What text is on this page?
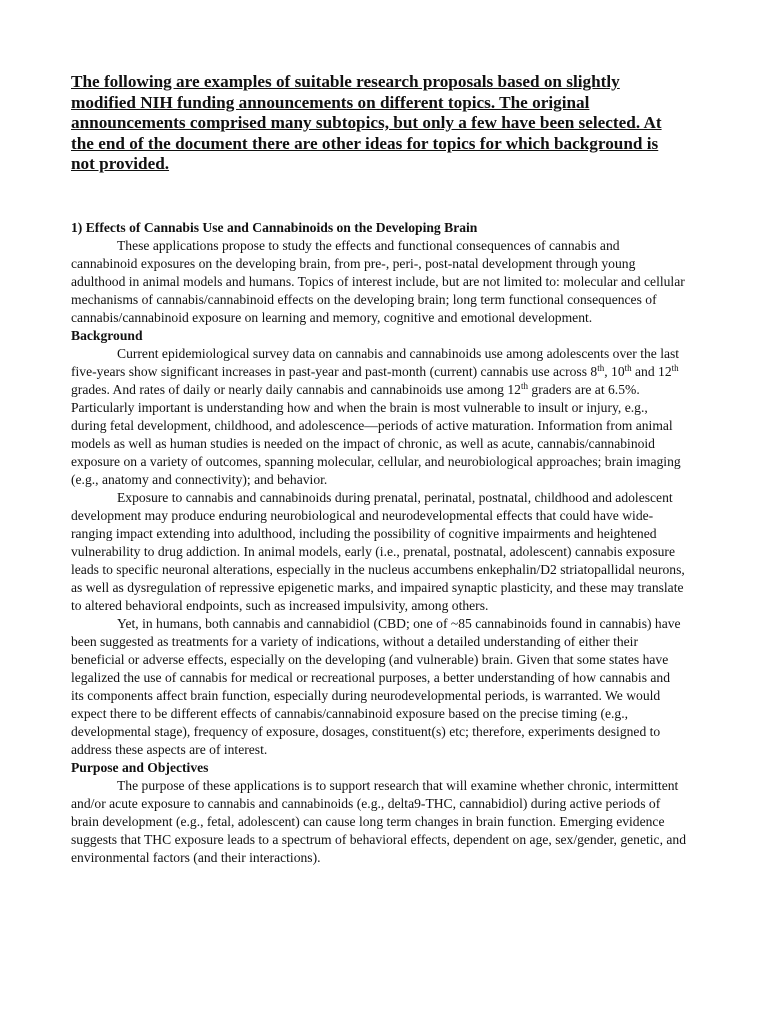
The following are examples of suitable research proposals based on slightly modified NIH funding announcements on different topics. The original announcements comprised many subtopics, but only a few have been selected. At the end of the document there are other ideas for topics for which background is not provided.

1) Effects of Cannabis Use and Cannabinoids on the Developing Brain

These applications propose to study the effects and functional consequences of cannabis and cannabinoid exposures on the developing brain, from pre-, peri-, post-natal development through young adulthood in animal models and humans. Topics of interest include, but are not limited to: molecular and cellular mechanisms of cannabis/cannabinoid effects on the developing brain; long term functional consequences of cannabis/cannabinoid exposure on learning and memory, cognitive and emotional development.

Background

Current epidemiological survey data on cannabis and cannabinoids use among adolescents over the last five-years show significant increases in past-year and past-month (current) cannabis use across 8th, 10th and 12th grades. And rates of daily or nearly daily cannabis and cannabinoids use among 12th graders are at 6.5%. Particularly important is understanding how and when the brain is most vulnerable to insult or injury, e.g., during fetal development, childhood, and adolescence—periods of active maturation. Information from animal models as well as human studies is needed on the impact of chronic, as well as acute, cannabis/cannabinoid exposure on a variety of outcomes, spanning molecular, cellular, and neurobiological approaches; brain imaging (e.g., anatomy and connectivity); and behavior.

Exposure to cannabis and cannabinoids during prenatal, perinatal, postnatal, childhood and adolescent development may produce enduring neurobiological and neurodevelopmental effects that could have wide-ranging impact extending into adulthood, including the possibility of cognitive impairments and heightened vulnerability to drug addiction. In animal models, early (i.e., prenatal, postnatal, adolescent) cannabis exposure leads to specific neuronal alterations, especially in the nucleus accumbens enkephalin/D2 striatopallidal neurons, as well as dysregulation of repressive epigenetic marks, and impaired synaptic plasticity, and these may translate to altered behavioral endpoints, such as increased impulsivity, among others.

Yet, in humans, both cannabis and cannabidiol (CBD; one of ~85 cannabinoids found in cannabis) have been suggested as treatments for a variety of indications, without a detailed understanding of either their beneficial or adverse effects, especially on the developing (and vulnerable) brain. Given that some states have legalized the use of cannabis for medical or recreational purposes, a better understanding of how cannabis and its components affect brain function, especially during neurodevelopmental periods, is warranted. We would expect there to be different effects of cannabis/cannabinoid exposure based on the precise timing (e.g., developmental stage), frequency of exposure, dosages, constituent(s) etc; therefore, experiments designed to address these aspects are of interest.

Purpose and Objectives

The purpose of these applications is to support research that will examine whether chronic, intermittent and/or acute exposure to cannabis and cannabinoids (e.g., delta9-THC, cannabidiol) during active periods of brain development (e.g., fetal, adolescent) can cause long term changes in brain function. Emerging evidence suggests that THC exposure leads to a spectrum of behavioral effects, dependent on age, sex/gender, genetic, and environmental factors (and their interactions).
